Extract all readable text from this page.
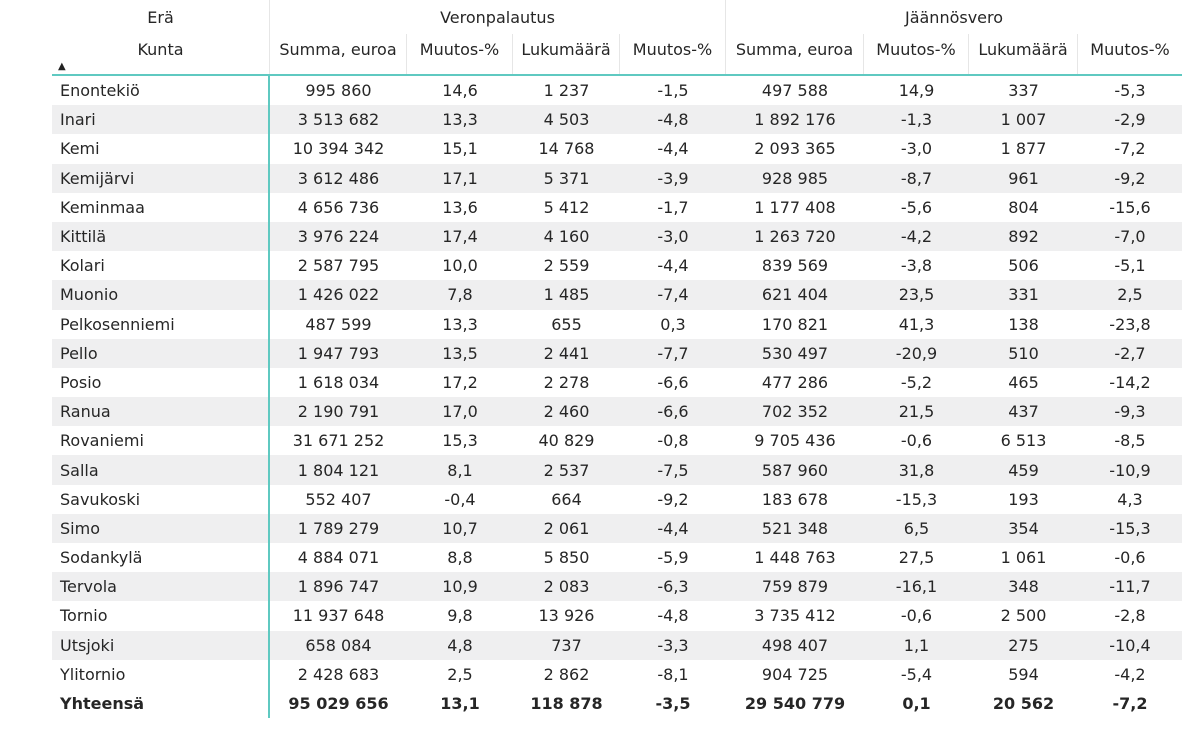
Erä	Veronpalautus	Jäännösvero
Kunta
▲
Summa, euroa	Muutos-%	Lukumäärä	Muutos-%	Summa, euroa	Muutos-%	Lukumäärä	Muutos-%
Enontekiö	995 860	14,6	1 237	-1,5	497 588	14,9	337	-5,3
Inari	3 513 682	13,3	4 503	-4,8	1 892 176	-1,3	1 007	-2,9
Kemi	10 394 342	15,1	14 768	-4,4	2 093 365	-3,0	1 877	-7,2
Kemijärvi	3 612 486	17,1	5 371	-3,9	928 985	-8,7	961	-9,2
Keminmaa	4 656 736	13,6	5 412	-1,7	1 177 408	-5,6	804	-15,6
Kittilä	3 976 224	17,4	4 160	-3,0	1 263 720	-4,2	892	-7,0
Kolari	2 587 795	10,0	2 559	-4,4	839 569	-3,8	506	-5,1
Muonio	1 426 022	7,8	1 485	-7,4	621 404	23,5	331	2,5
Pelkosenniemi	487 599	13,3	655	0,3	170 821	41,3	138	-23,8
Pello	1 947 793	13,5	2 441	-7,7	530 497	-20,9	510	-2,7
Posio	1 618 034	17,2	2 278	-6,6	477 286	-5,2	465	-14,2
Ranua	2 190 791	17,0	2 460	-6,6	702 352	21,5	437	-9,3
Rovaniemi	31 671 252	15,3	40 829	-0,8	9 705 436	-0,6	6 513	-8,5
Salla	1 804 121	8,1	2 537	-7,5	587 960	31,8	459	-10,9
Savukoski	552 407	-0,4	664	-9,2	183 678	-15,3	193	4,3
Simo	1 789 279	10,7	2 061	-4,4	521 348	6,5	354	-15,3
Sodankylä	4 884 071	8,8	5 850	-5,9	1 448 763	27,5	1 061	-0,6
Tervola	1 896 747	10,9	2 083	-6,3	759 879	-16,1	348	-11,7
Tornio	11 937 648	9,8	13 926	-4,8	3 735 412	-0,6	2 500	-2,8
Utsjoki	658 084	4,8	737	-3,3	498 407	1,1	275	-10,4
Ylitornio	2 428 683	2,5	2 862	-8,1	904 725	-5,4	594	-4,2
Yhteensä	95 029 656	13,1	118 878	-3,5	29 540 779	0,1	20 562	-7,2
